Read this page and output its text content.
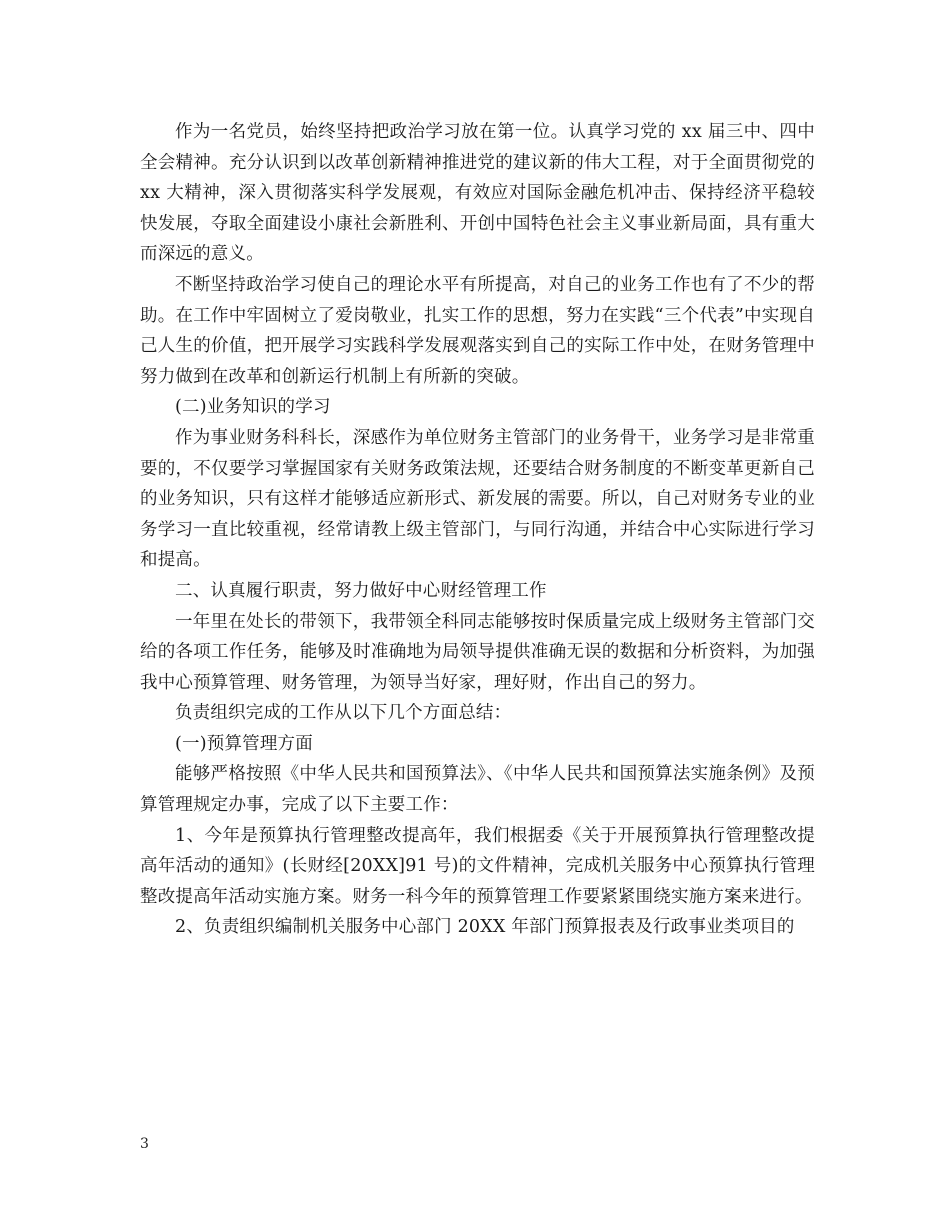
作为一名党员，始终坚持把政治学习放在第一位。认真学习党的 xx 届三中、四中全会精神。充分认识到以改革创新精神推进党的建议新的伟大工程，对于全面贯彻党的 xx 大精神，深入贯彻落实科学发展观，有效应对国际金融危机冲击、保持经济平稳较快发展，夺取全面建设小康社会新胜利、开创中国特色社会主义事业新局面，具有重大而深远的意义。

不断坚持政治学习使自己的理论水平有所提高，对自己的业务工作也有了不少的帮助。在工作中牢固树立了爱岗敬业，扎实工作的思想，努力在实践“三个代表”中实现自己人生的价值，把开展学习实践科学发展观落实到自己的实际工作中处，在财务管理中努力做到在改革和创新运行机制上有所新的突破。

(二)业务知识的学习

作为事业财务科科长，深感作为单位财务主管部门的业务骨干，业务学习是非常重要的，不仅要学习掌握国家有关财务政策法规，还要结合财务制度的不断变革更新自己的业务知识，只有这样才能够适应新形式、新发展的需要。所以，自己对财务专业的业务学习一直比较重视，经常请教上级主管部门，与同行沟通，并结合中心实际进行学习和提高。

二、认真履行职责，努力做好中心财经管理工作

一年里在处长的带领下，我带领全科同志能够按时保质量完成上级财务主管部门交给的各项工作任务，能够及时准确地为局领导提供准确无误的数据和分析资料，为加强我中心预算管理、财务管理，为领导当好家，理好财，作出自己的努力。

负责组织完成的工作从以下几个方面总结：

(一)预算管理方面

能够严格按照《中华人民共和国预算法》、《中华人民共和国预算法实施条例》及预算管理规定办事，完成了以下主要工作：

1、今年是预算执行管理整改提高年，我们根据委《关于开展预算执行管理整改提高年活动的通知》(长财经[20XX]91 号)的文件精神，完成机关服务中心预算执行管理整改提高年活动实施方案。财务一科今年的预算管理工作要紧紧围绕实施方案来进行。

2、负责组织编制机关服务中心部门 20XX 年部门预算报表及行政事业类项目的

3
